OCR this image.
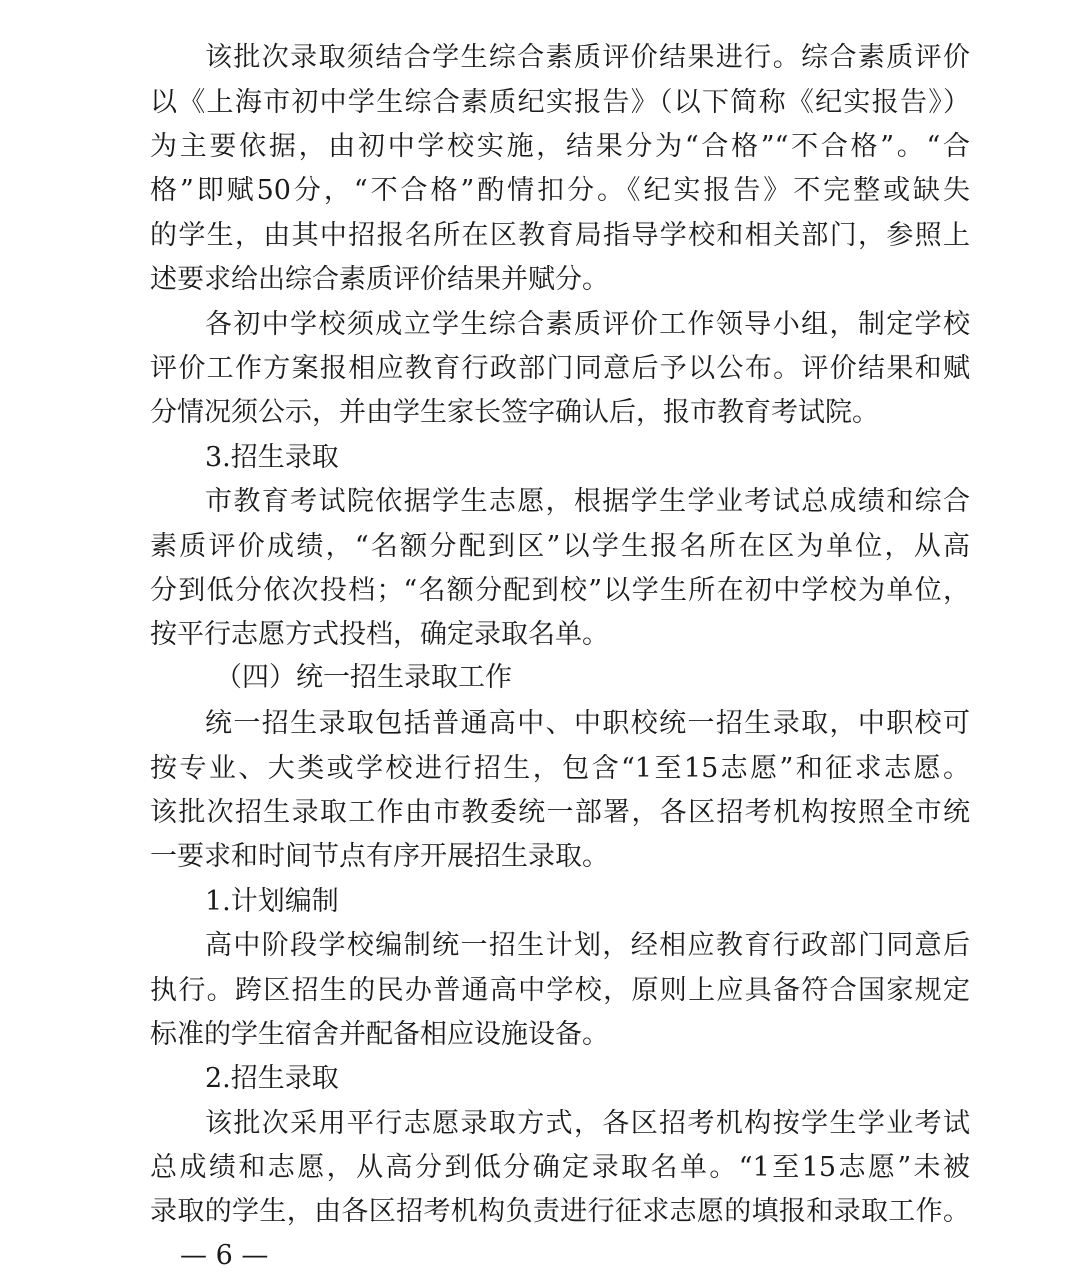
该批次录取须结合学生综合素质评价结果进行。综合素质评价
以《上海市初中学生综合素质纪实报告》（以下简称《纪实报告》）
为主要依据，由初中学校实施，结果分为“合格”“不合格”。“合
格”即赋50分，“不合格”酌情扣分。《纪实报告》不完整或缺失
的学生，由其中招报名所在区教育局指导学校和相关部门，参照上
述要求给出综合素质评价结果并赋分。
各初中学校须成立学生综合素质评价工作领导小组，制定学校
评价工作方案报相应教育行政部门同意后予以公布。评价结果和赋
分情况须公示，并由学生家长签字确认后，报市教育考试院。
3.招生录取
市教育考试院依据学生志愿，根据学生学业考试总成绩和综合
素质评价成绩，“名额分配到区”以学生报名所在区为单位，从高
分到低分依次投档；“名额分配到校”以学生所在初中学校为单位，
按平行志愿方式投档，确定录取名单。
（四）统一招生录取工作
统一招生录取包括普通高中、中职校统一招生录取，中职校可
按专业、大类或学校进行招生，包含“1至15志愿”和征求志愿。
该批次招生录取工作由市教委统一部署，各区招考机构按照全市统
一要求和时间节点有序开展招生录取。
1.计划编制
高中阶段学校编制统一招生计划，经相应教育行政部门同意后
执行。跨区招生的民办普通高中学校，原则上应具备符合国家规定
标准的学生宿舍并配备相应设施设备。
2.招生录取
该批次采用平行志愿录取方式，各区招考机构按学生学业考试
总成绩和志愿，从高分到低分确定录取名单。“1至15志愿”未被
录取的学生，由各区招考机构负责进行征求志愿的填报和录取工作。
— 6 —
